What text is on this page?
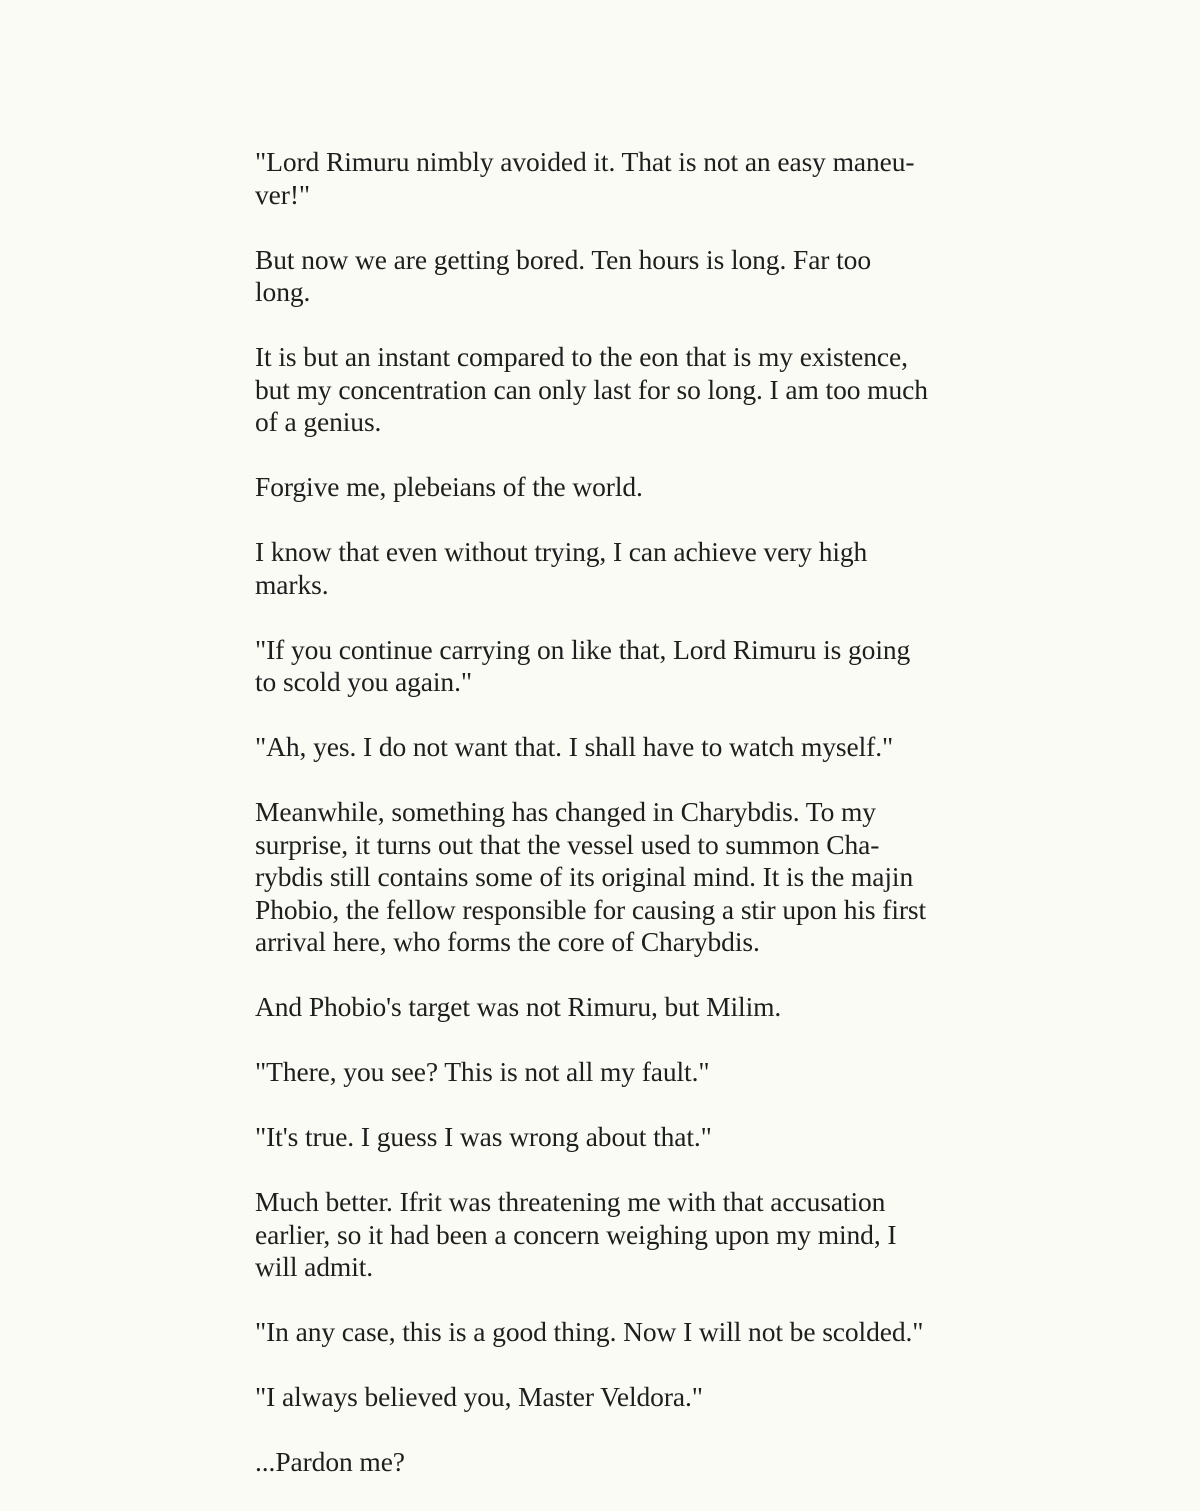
"Lord Rimuru nimbly avoided it. That is not an easy maneu-
ver!"

But now we are getting bored. Ten hours is long. Far too
long.

It is but an instant compared to the eon that is my existence,
but my concentration can only last for so long. I am too much
of a genius.

Forgive me, plebeians of the world.

I know that even without trying, I can achieve very high
marks.

"If you continue carrying on like that, Lord Rimuru is going
to scold you again."

"Ah, yes. I do not want that. I shall have to watch myself."

Meanwhile, something has changed in Charybdis. To my
surprise, it turns out that the vessel used to summon Cha-
rybdis still contains some of its original mind. It is the majin
Phobio, the fellow responsible for causing a stir upon his first
arrival here, who forms the core of Charybdis.

And Phobio's target was not Rimuru, but Milim.

"There, you see? This is not all my fault."

"It's true. I guess I was wrong about that."

Much better. Ifrit was threatening me with that accusation
earlier, so it had been a concern weighing upon my mind, I
will admit.

"In any case, this is a good thing. Now I will not be scolded."

"I always believed you, Master Veldora."

...Pardon me?
